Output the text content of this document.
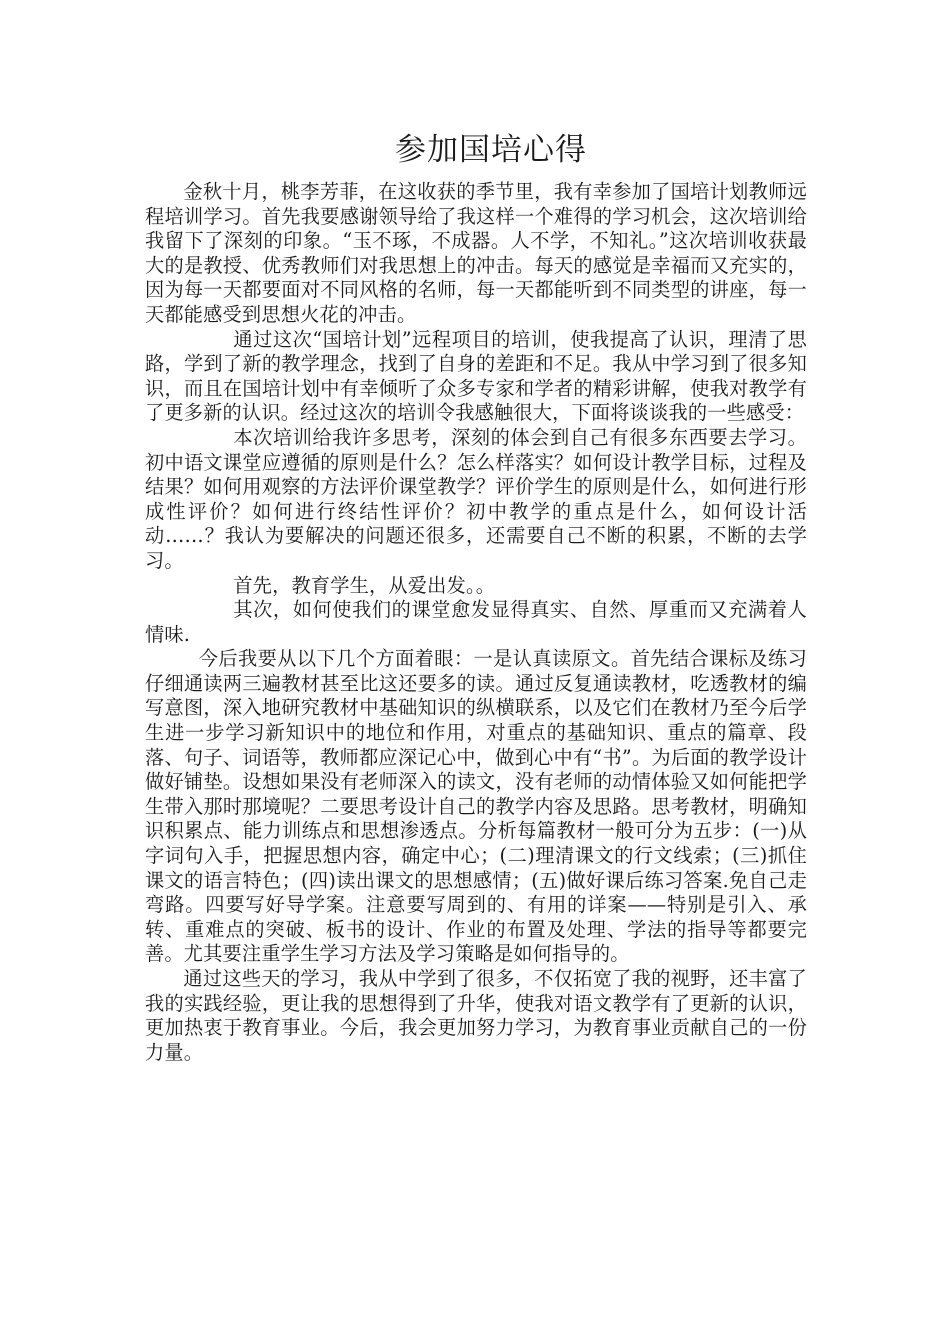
参加国培心得

金秋十月，桃李芳菲，在这收获的季节里，我有幸参加了国培计划教师远程培训学习。首先我要感谢领导给了我这样一个难得的学习机会，这次培训给我留下了深刻的印象。“玉不琢，不成器。人不学，不知礼。”这次培训收获最大的是教授、优秀教师们对我思想上的冲击。每天的感觉是幸福而又充实的，因为每一天都要面对不同风格的名师，每一天都能听到不同类型的讲座，每一天都能感受到思想火花的冲击。

通过这次“国培计划”远程项目的培训，使我提高了认识，理清了思路，学到了新的教学理念，找到了自身的差距和不足。我从中学习到了很多知识，而且在国培计划中有幸倾听了众多专家和学者的精彩讲解，使我对教学有了更多新的认识。经过这次的培训令我感触很大，下面将谈谈我的一些感受：

本次培训给我许多思考，深刻的体会到自己有很多东西要去学习。初中语文课堂应遵循的原则是什么？怎么样落实？如何设计教学目标，过程及结果？如何用观察的方法评价课堂教学？评价学生的原则是什么，如何进行形成性评价？如何进行终结性评价？初中教学的重点是什么，如何设计活动……？我认为要解决的问题还很多，还需要自己不断的积累，不断的去学习。

首先，教育学生，从爱出发。。

其次，如何使我们的课堂愈发显得真实、自然、厚重而又充满着人情味.

今后我要从以下几个方面着眼：一是认真读原文。首先结合课标及练习仔细通读两三遍教材甚至比这还要多的读。通过反复通读教材，吃透教材的编写意图，深入地研究教材中基础知识的纵横联系，以及它们在教材乃至今后学生进一步学习新知识中的地位和作用，对重点的基础知识、重点的篇章、段落、句子、词语等，教师都应深记心中，做到心中有“书”。为后面的教学设计做好铺垫。设想如果没有老师深入的读文，没有老师的动情体验又如何能把学生带入那时那境呢？二要思考设计自己的教学内容及思路。思考教材，明确知识积累点、能力训练点和思想渗透点。分析每篇教材一般可分为五步：(一)从字词句入手，把握思想内容，确定中心；(二)理清课文的行文线索；(三)抓住课文的语言特色；(四)读出课文的思想感情；(五)做好课后练习答案.免自己走弯路。四要写好导学案。注意要写周到的、有用的详案——特别是引入、承转、重难点的突破、板书的设计、作业的布置及处理、学法的指导等都要完善。尤其要注重学生学习方法及学习策略是如何指导的。

通过这些天的学习，我从中学到了很多，不仅拓宽了我的视野，还丰富了我的实践经验，更让我的思想得到了升华，使我对语文教学有了更新的认识，更加热衷于教育事业。今后，我会更加努力学习，为教育事业贡献自己的一份力量。
